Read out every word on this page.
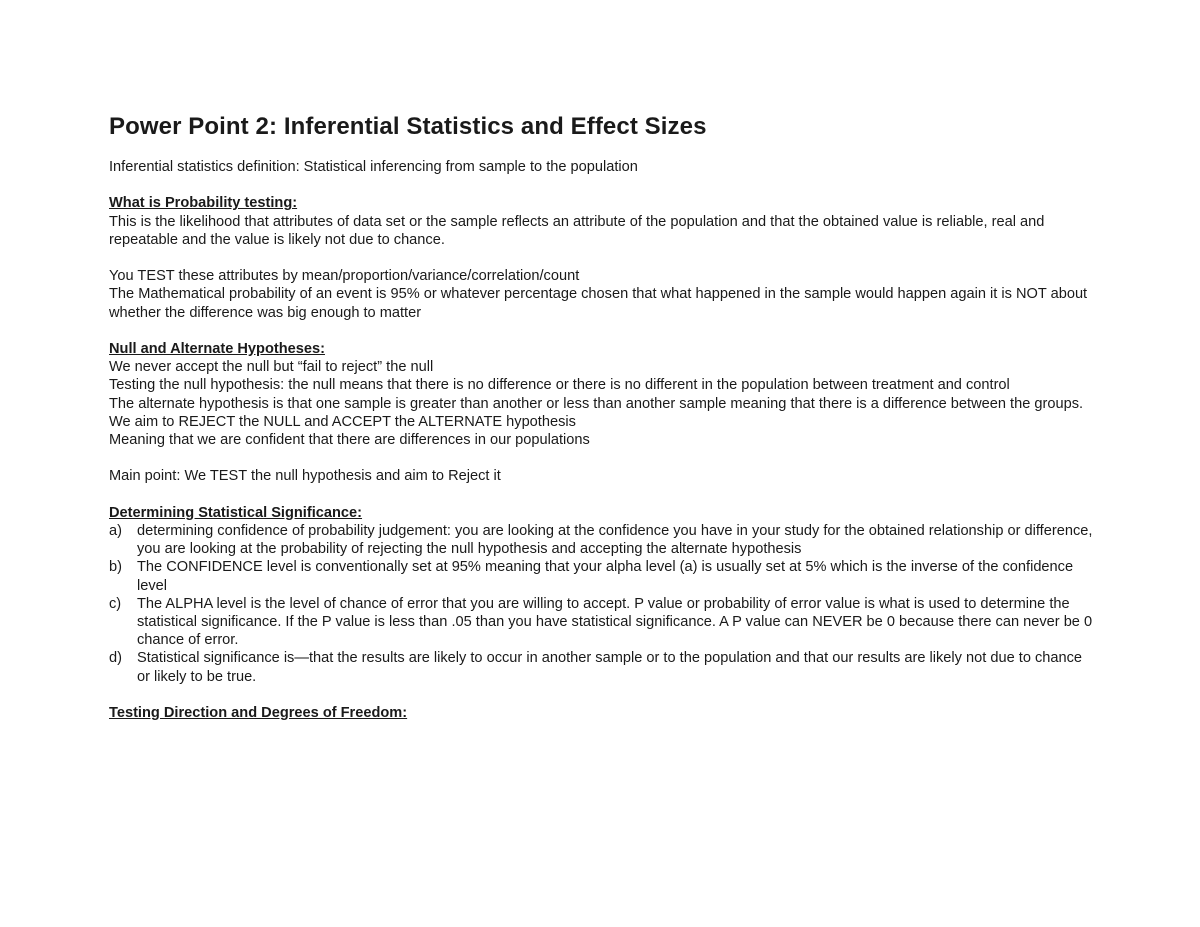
Power Point 2: Inferential Statistics and Effect Sizes

Inferential statistics definition: Statistical inferencing from sample to the population

What is Probability testing:

This is the likelihood that attributes of data set or the sample reflects an attribute of the population and that the obtained value is reliable, real and repeatable and the value is likely not due to chance.

You TEST these attributes by mean/proportion/variance/correlation/count

The Mathematical probability of an event is 95% or whatever percentage chosen that what happened in the sample would happen again it is NOT about whether the difference was big enough to matter

Null and Alternate Hypotheses:

We never accept the null but “fail to reject” the null

Testing the null hypothesis: the null means that there is no difference or there is no different in the population between treatment and control

The alternate hypothesis is that one sample is greater than another or less than another sample meaning that there is a difference between the groups.

We aim to REJECT the NULL and ACCEPT the ALTERNATE hypothesis

Meaning that we are confident that there are differences in our populations

Main point: We TEST the null hypothesis and aim to Reject it

Determining Statistical Significance:

a)	determining confidence of probability judgement: you are looking at the confidence you have in your study for the obtained relationship or difference, you are looking at the probability of rejecting the null hypothesis and accepting the alternate hypothesis
b)	The CONFIDENCE level is conventionally set at 95% meaning that your alpha level (a) is usually set at 5% which is the inverse of the confidence level
c)	The ALPHA level is the level of chance of error that you are willing to accept. P value or probability of error value is what is used to determine the statistical significance. If the P value is less than .05 than you have statistical significance. A P value can NEVER be 0 because there can never be 0 chance of error.
d)	Statistical significance is—that the results are likely to occur in another sample or to the population and that our results are likely not due to chance or likely to be true.

Testing Direction and Degrees of Freedom:
